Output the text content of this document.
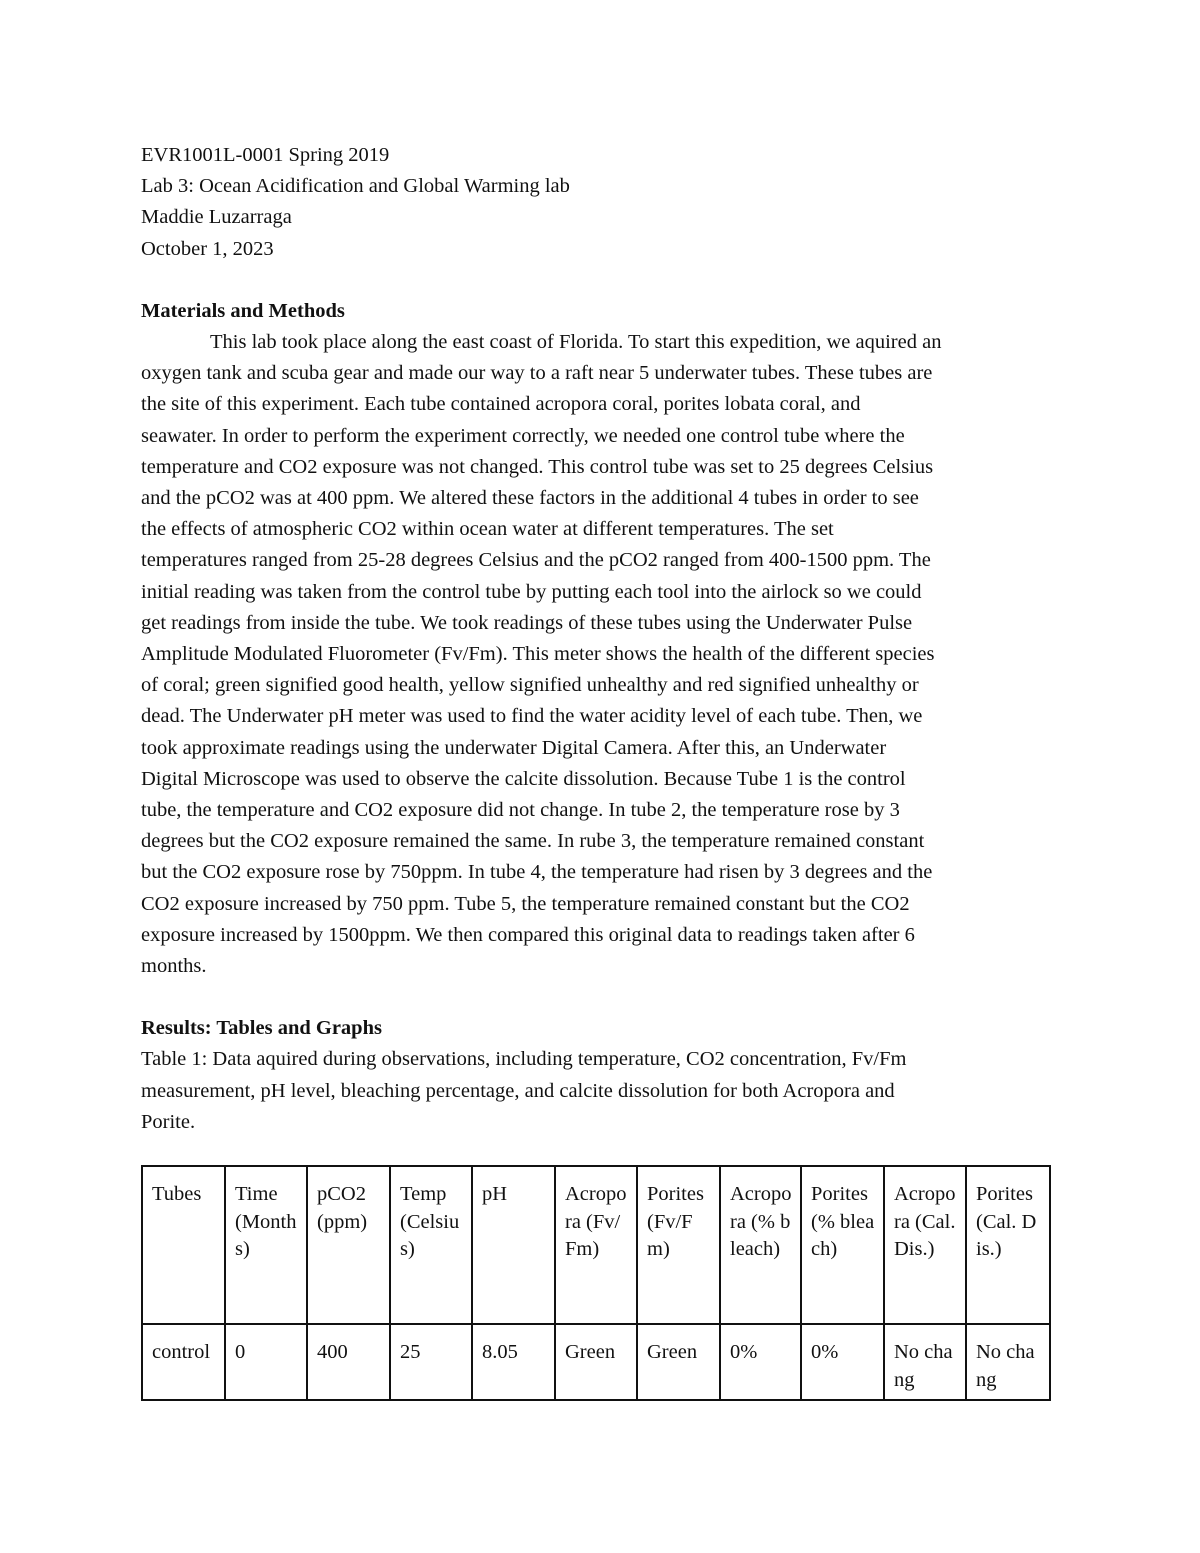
EVR1001L-0001 Spring 2019
Lab 3: Ocean Acidification and Global Warming lab
Maddie Luzarraga
October 1, 2023
Materials and Methods
This lab took place along the east coast of Florida. To start this expedition, we aquired an
oxygen tank and scuba gear and made our way to a raft near 5 underwater tubes. These tubes are
the site of this experiment. Each tube contained acropora coral, porites lobata coral, and
seawater. In order to perform the experiment correctly, we needed one control tube where the
temperature and CO2 exposure was not changed. This control tube was set to 25 degrees Celsius
and the pCO2 was at 400 ppm. We altered these factors in the additional 4 tubes in order to see
the effects of atmospheric CO2 within ocean water at different temperatures. The set
temperatures ranged from 25-28 degrees Celsius and the pCO2 ranged from 400-1500 ppm. The
initial reading was taken from the control tube by putting each tool into the airlock so we could
get readings from inside the tube. We took readings of these tubes using the Underwater Pulse
Amplitude Modulated Fluorometer (Fv/Fm). This meter shows the health of the different species
of coral; green signified good health, yellow signified unhealthy and red signified unhealthy or
dead. The Underwater pH meter was used to find the water acidity level of each tube. Then, we
took approximate readings using the underwater Digital Camera. After this, an Underwater
Digital Microscope was used to observe the calcite dissolution. Because Tube 1 is the control
tube, the temperature and CO2 exposure did not change. In tube 2, the temperature rose by 3
degrees but the CO2 exposure remained the same. In rube 3, the temperature remained constant
but the CO2 exposure rose by 750ppm. In tube 4, the temperature had risen by 3 degrees and the
CO2 exposure increased by 750 ppm. Tube 5, the temperature remained constant but the CO2
exposure increased by 1500ppm. We then compared this original data to readings taken after 6
months.
Results: Tables and Graphs
Table 1: Data aquired during observations, including temperature, CO2 concentration, Fv/Fm
measurement, pH level, bleaching percentage, and calcite dissolution for both Acropora and
Porite.
Tubes	Time (Months)	pCO2 (ppm)	Temp (Celsius)	pH	Acropora (Fv/Fm)	Porites (Fv/Fm)	Acropora (% bleach)	Porites (% bleach)	Acropora (Cal. Dis.)	Porites (Cal. Dis.)
control	0	400	25	8.05	Green	Green	0%	0%	No chang	No chang
